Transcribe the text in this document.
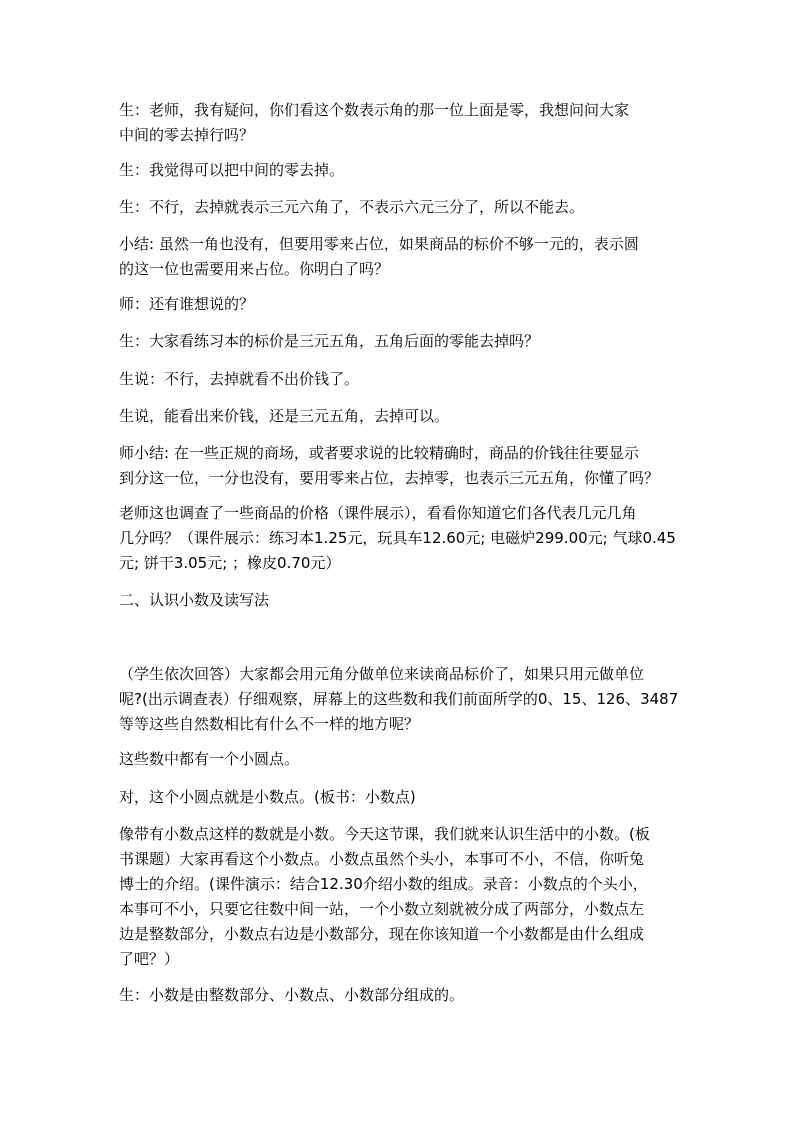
生：老师，我有疑问，你们看这个数表示角的那一位上面是零，我想问问大家
中间的零去掉行吗？
生：我觉得可以把中间的零去掉。
生：不行，去掉就表示三元六角了，不表示六元三分了，所以不能去。
小结: 虽然一角也没有，但要用零来占位，如果商品的标价不够一元的，表示圆
的这一位也需要用来占位。你明白了吗？
师：还有谁想说的？
生：大家看练习本的标价是三元五角，五角后面的零能去掉吗？
生说：不行，去掉就看不出价钱了。
生说，能看出来价钱，还是三元五角，去掉可以。
师小结: 在一些正规的商场，或者要求说的比较精确时，商品的价钱往往要显示
到分这一位，一分也没有，要用零来占位，去掉零，也表示三元五角，你懂了吗？
老师这也调查了一些商品的价格（课件展示），看看你知道它们各代表几元几角
几分吗？（课件展示：练习本1.25元，玩具车12.60元; 电磁炉299.00元; 气球0.45
元; 饼干3.05元; ；橡皮0.70元）
二、认识小数及读写法
（学生依次回答）大家都会用元角分做单位来读商品标价了，如果只用元做单位
呢?(出示调查表）仔细观察，屏幕上的这些数和我们前面所学的0、15、126、3487
等等这些自然数相比有什么不一样的地方呢？
这些数中都有一个小圆点。
对，这个小圆点就是小数点。(板书：小数点)
像带有小数点这样的数就是小数。今天这节课，我们就来认识生活中的小数。(板
书课题）大家再看这个小数点。小数点虽然个头小，本事可不小，不信，你听兔
博士的介绍。(课件演示：结合12.30介绍小数的组成。录音：小数点的个头小，
本事可不小，只要它往数中间一站，一个小数立刻就被分成了两部分，小数点左
边是整数部分，小数点右边是小数部分，现在你该知道一个小数都是由什么组成
了吧？）
生：小数是由整数部分、小数点、小数部分组成的。
